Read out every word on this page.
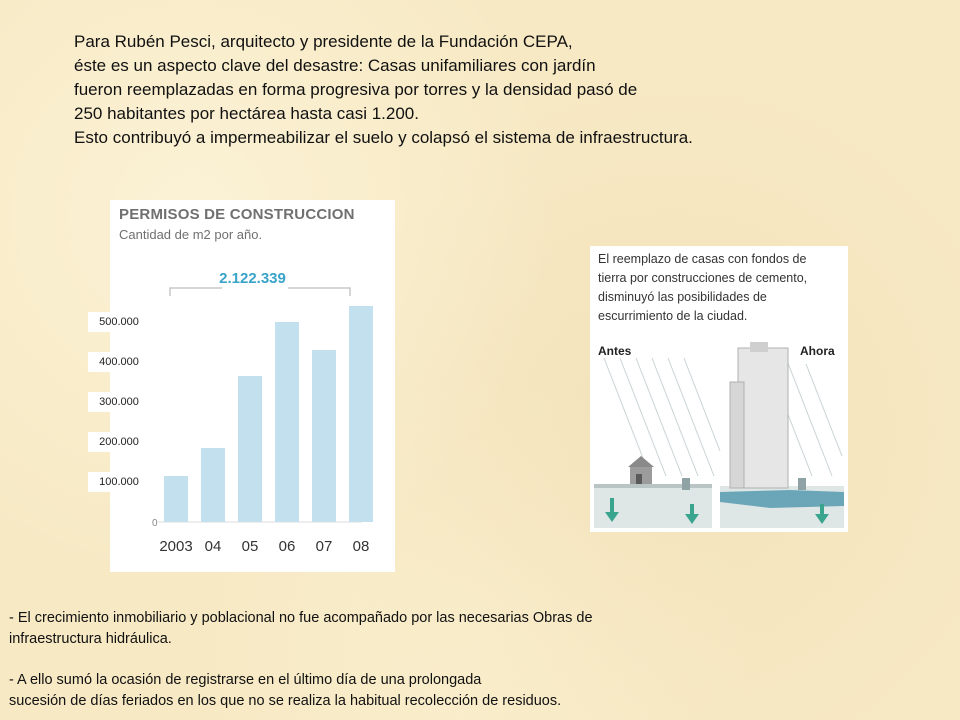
Para Rubén Pesci, arquitecto y presidente de la Fundación CEPA,
éste es un aspecto clave del desastre: Casas unifamiliares con jardín
fueron reemplazadas en forma progresiva por torres y la densidad pasó de
250 habitantes por hectárea hasta casi 1.200.
Esto contribuyó a impermeabilizar el suelo y colapsó el sistema de infraestructura.
0
2003 04 05 06 07 08
PERMISOS DE CONSTRUCCION
Cantidad de m2 por año.
2.122.339
500.000
400.000
300.000
200.000
100.000
El reemplazo de casas con fondos de
tierra por construcciones de cemento,
disminuyó las posibilidades de
escurrimiento de la ciudad.
Antes	Ahora
- El crecimiento inmobiliario y poblacional no fue acompañado por las necesarias Obras de
infraestructura hidráulica.
- A ello sumó la ocasión de registrarse en el último día de una prolongada
sucesión de días feriados en los que no se realiza la habitual recolección de residuos.
